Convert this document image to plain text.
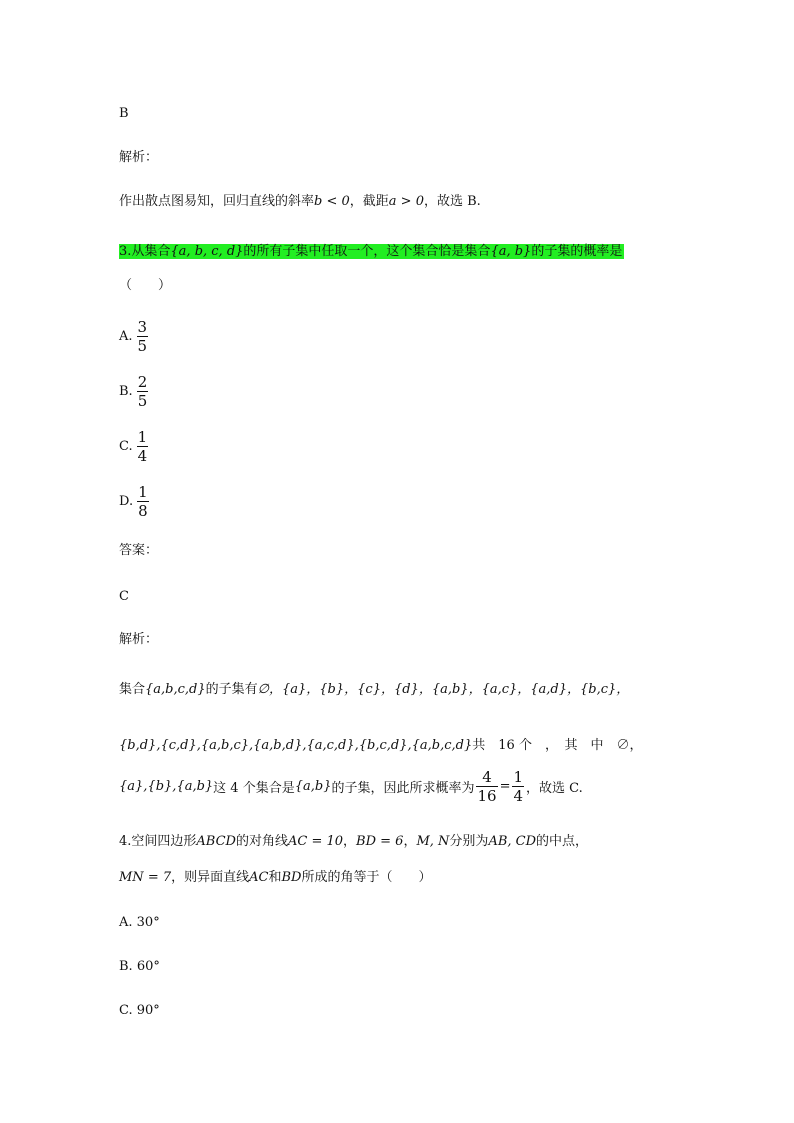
B
解析：
作出散点图易知，回归直线的斜率b < 0，截距a > 0，故选 B.
3.从集合{a, b, c, d}的所有子集中任取一个，这个集合恰是集合{a, b}的子集的概率是
（　　）
A. $\frac{3}{5}$
B. $\frac{2}{5}$
C. $\frac{1}{4}$
D. $\frac{1}{8}$
答案：
C
解析：
集合{a,b,c,d}的子集有∅，{a}，{b}，{c}，{d}，{a,b}，{a,c}，{a,d}，{b,c}，
{b,d},{c,d},{a,b,c},{a,b,d},{a,c,d},{b,c,d},{a,b,c,d}共　16 个　，　其　中　∅，
{a},{b},{a,b} 这 4 个集合是 {a,b} 的子集，因此所求概率为 $\frac{4}{16} = \frac{1}{4}$ ，故选 C.
4.空间四边形ABCD的对角线AC = 10，BD = 6，M, N分别为AB, CD的中点，
MN = 7，则异面直线AC和BD所成的角等于（　　）
A. 30°
B. 60°
C. 90°
